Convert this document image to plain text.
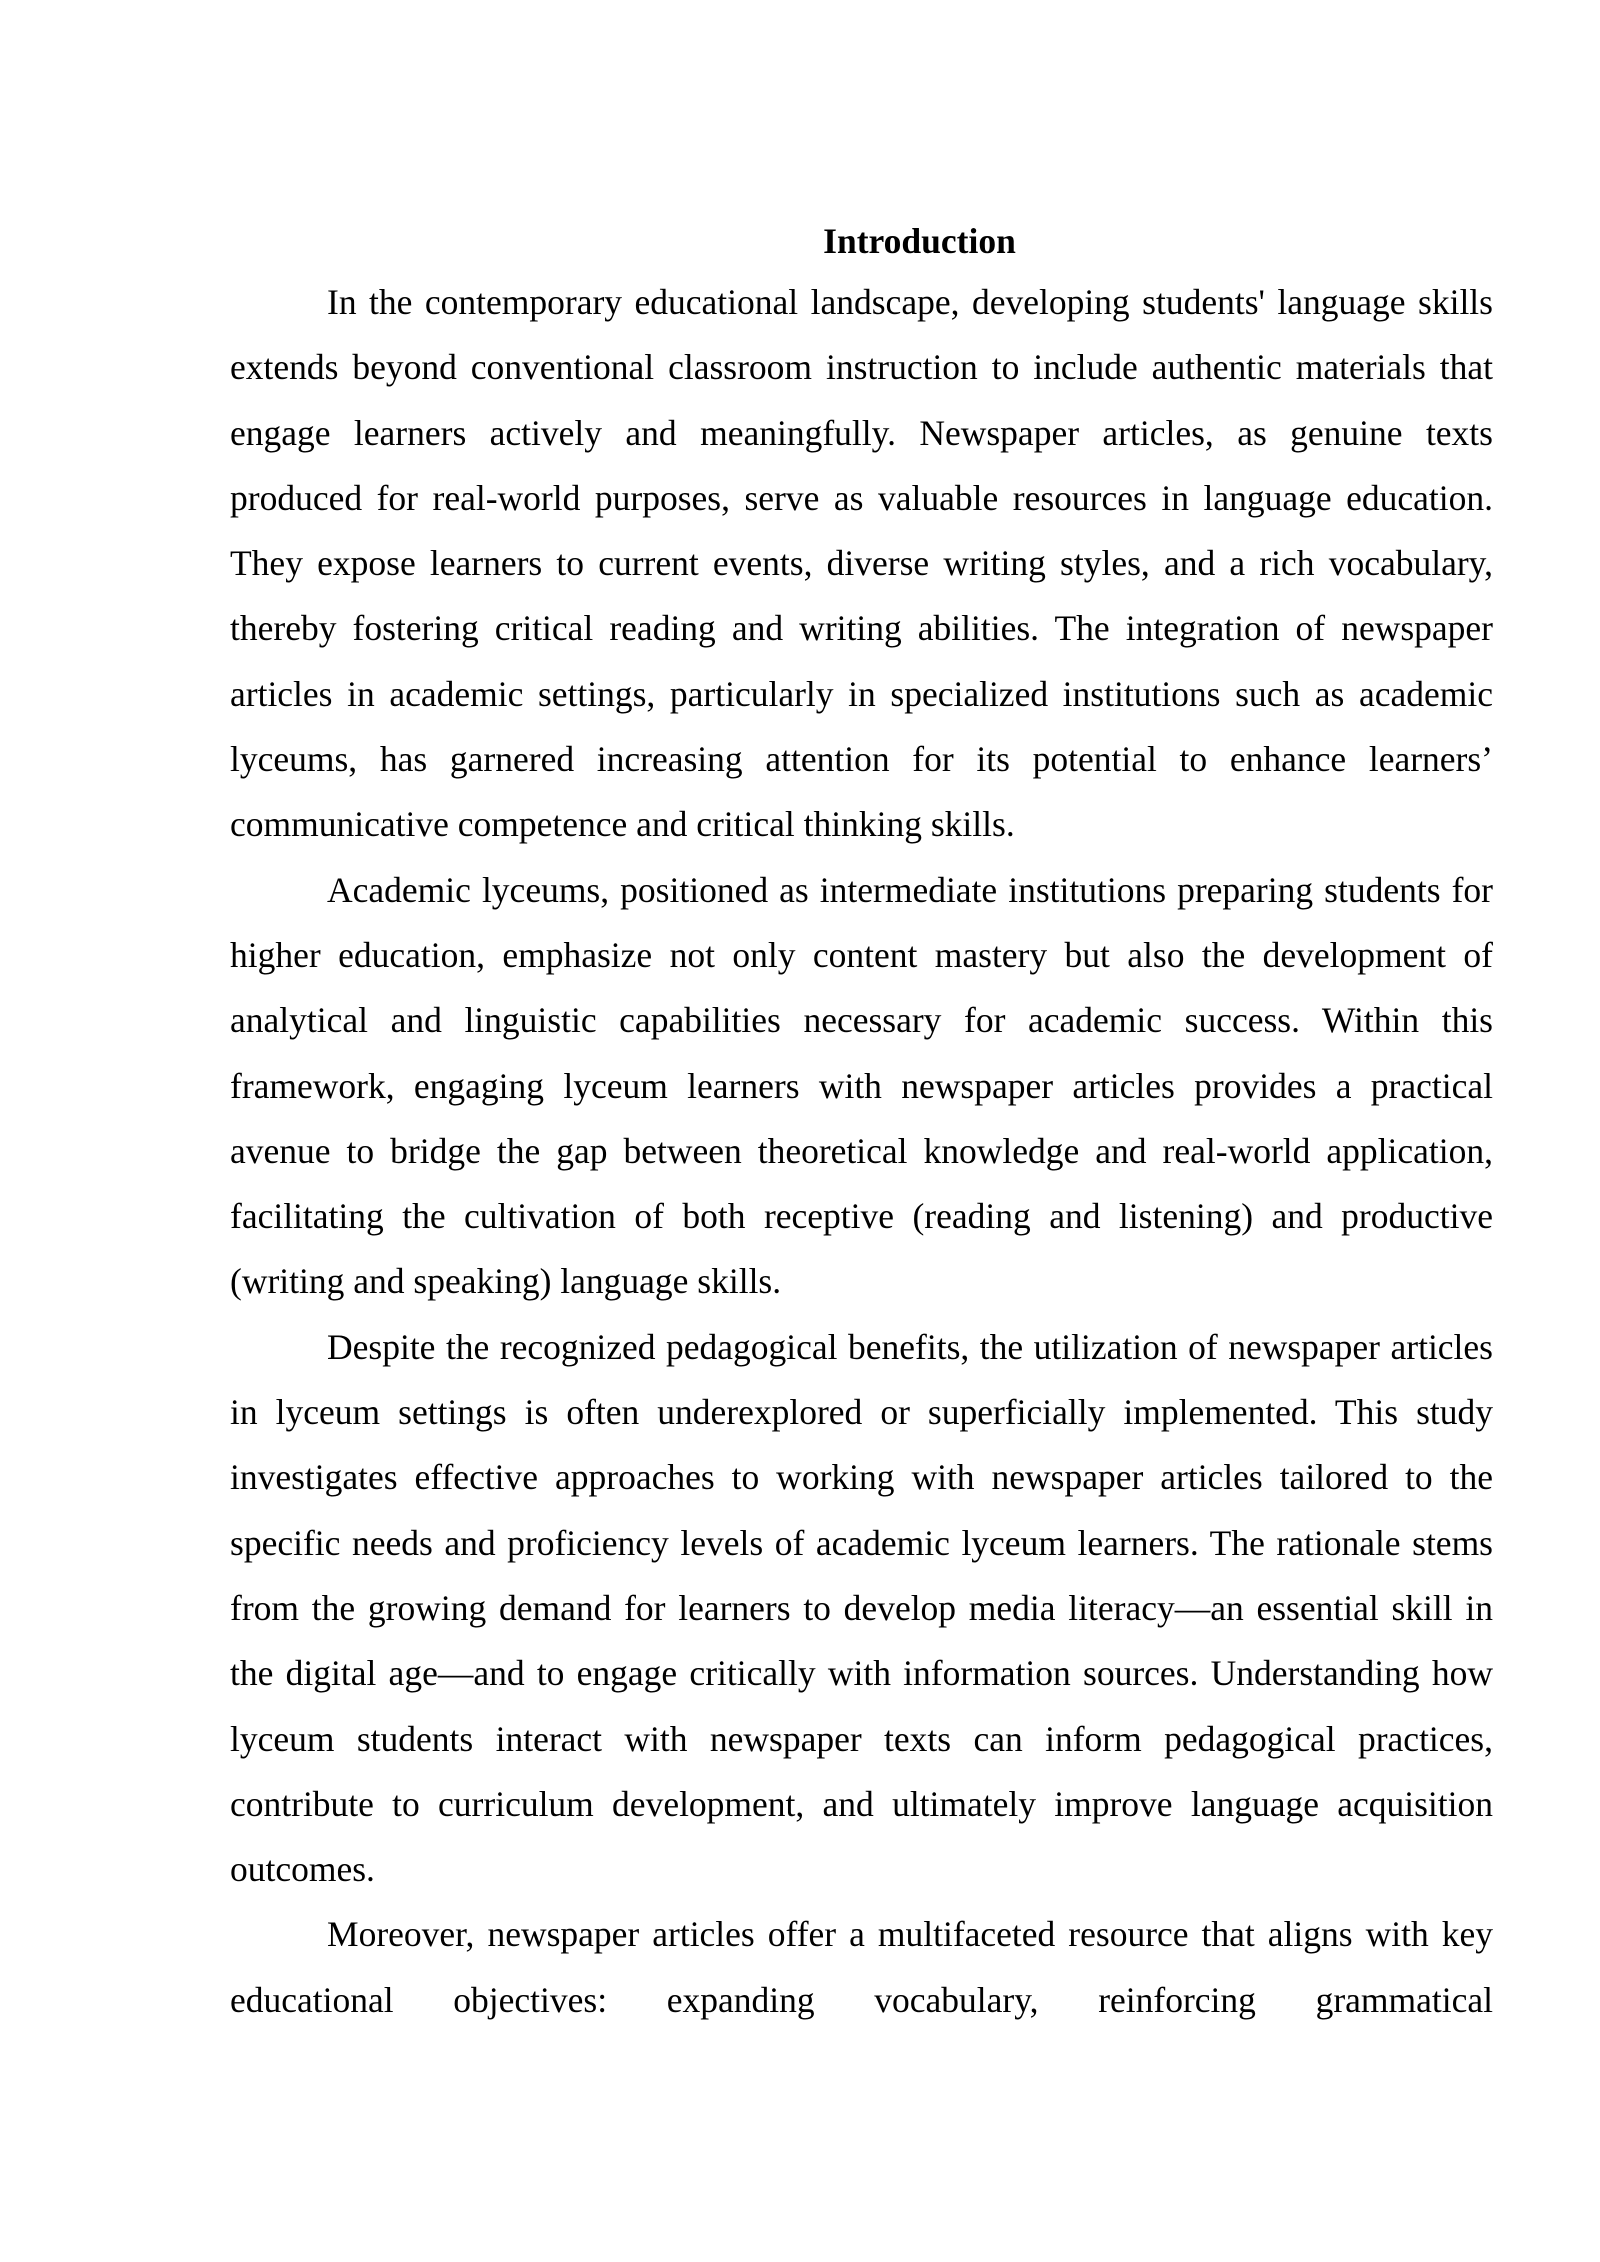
Introduction

In the contemporary educational landscape, developing students' language skills extends beyond conventional classroom instruction to include authentic materials that engage learners actively and meaningfully. Newspaper articles, as genuine texts produced for real-world purposes, serve as valuable resources in language education. They expose learners to current events, diverse writing styles, and a rich vocabulary, thereby fostering critical reading and writing abilities. The integration of newspaper articles in academic settings, particularly in specialized institutions such as academic lyceums, has garnered increasing attention for its potential to enhance learners’ communicative competence and critical thinking skills.

Academic lyceums, positioned as intermediate institutions preparing students for higher education, emphasize not only content mastery but also the development of analytical and linguistic capabilities necessary for academic success. Within this framework, engaging lyceum learners with newspaper articles provides a practical avenue to bridge the gap between theoretical knowledge and real-world application, facilitating the cultivation of both receptive (reading and listening) and productive (writing and speaking) language skills.

Despite the recognized pedagogical benefits, the utilization of newspaper articles in lyceum settings is often underexplored or superficially implemented. This study investigates effective approaches to working with newspaper articles tailored to the specific needs and proficiency levels of academic lyceum learners. The rationale stems from the growing demand for learners to develop media literacy—an essential skill in the digital age—and to engage critically with information sources. Understanding how lyceum students interact with newspaper texts can inform pedagogical practices, contribute to curriculum development, and ultimately improve language acquisition outcomes.

Moreover, newspaper articles offer a multifaceted resource that aligns with key educational objectives: expanding vocabulary, reinforcing grammatical
